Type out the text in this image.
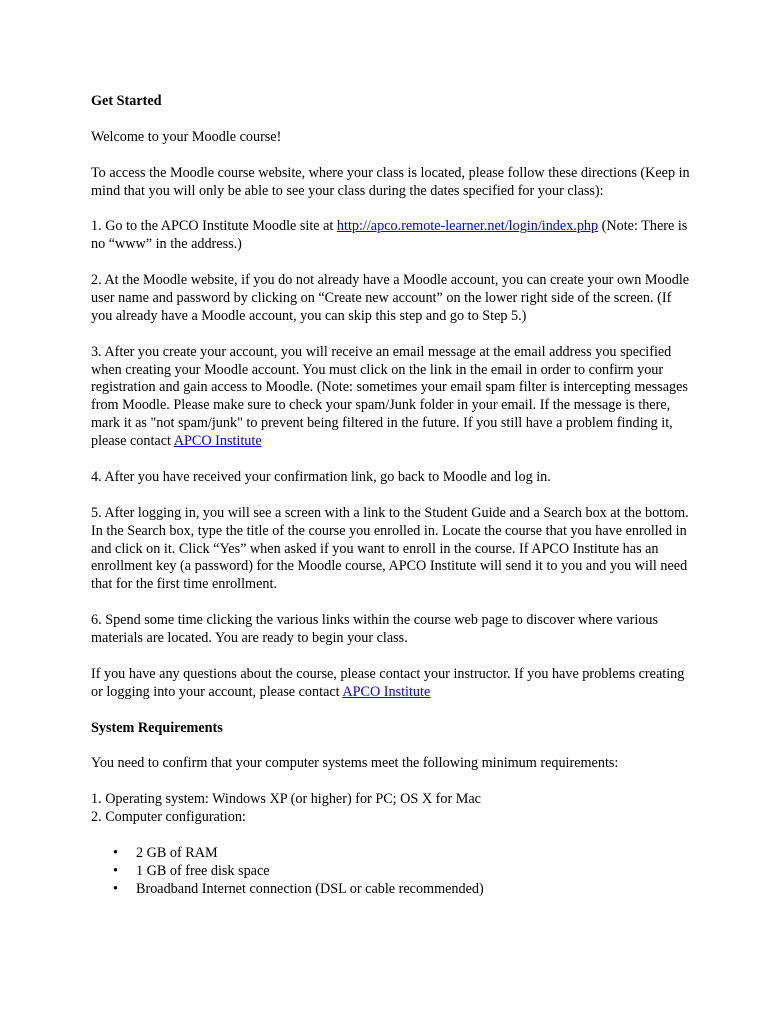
Get Started

Welcome to your Moodle course!

To access the Moodle course website, where your class is located, please follow these directions (Keep in mind that you will only be able to see your class during the dates specified for your class):

1. Go to the APCO Institute Moodle site at http://apco.remote-learner.net/login/index.php (Note: There is no “www” in the address.)

2. At the Moodle website, if you do not already have a Moodle account, you can create your own Moodle user name and password by clicking on “Create new account” on the lower right side of the screen. (If you already have a Moodle account, you can skip this step and go to Step 5.)

3. After you create your account, you will receive an email message at the email address you specified when creating your Moodle account. You must click on the link in the email in order to confirm your registration and gain access to Moodle. (Note: sometimes your email spam filter is intercepting messages from Moodle. Please make sure to check your spam/Junk folder in your email. If the message is there, mark it as "not spam/junk" to prevent being filtered in the future. If you still have a problem finding it, please contact APCO Institute

4. After you have received your confirmation link, go back to Moodle and log in.

5. After logging in, you will see a screen with a link to the Student Guide and a Search box at the bottom. In the Search box, type the title of the course you enrolled in. Locate the course that you have enrolled in and click on it. Click “Yes” when asked if you want to enroll in the course. If APCO Institute has an enrollment key (a password) for the Moodle course, APCO Institute will send it to you and you will need that for the first time enrollment.

6. Spend some time clicking the various links within the course web page to discover where various materials are located. You are ready to begin your class.

If you have any questions about the course, please contact your instructor. If you have problems creating or logging into your account, please contact APCO Institute

System Requirements

You need to confirm that your computer systems meet the following minimum requirements:

1. Operating system: Windows XP (or higher) for PC; OS X for Mac
2. Computer configuration:

• 2 GB of RAM
• 1 GB of free disk space
• Broadband Internet connection (DSL or cable recommended)
